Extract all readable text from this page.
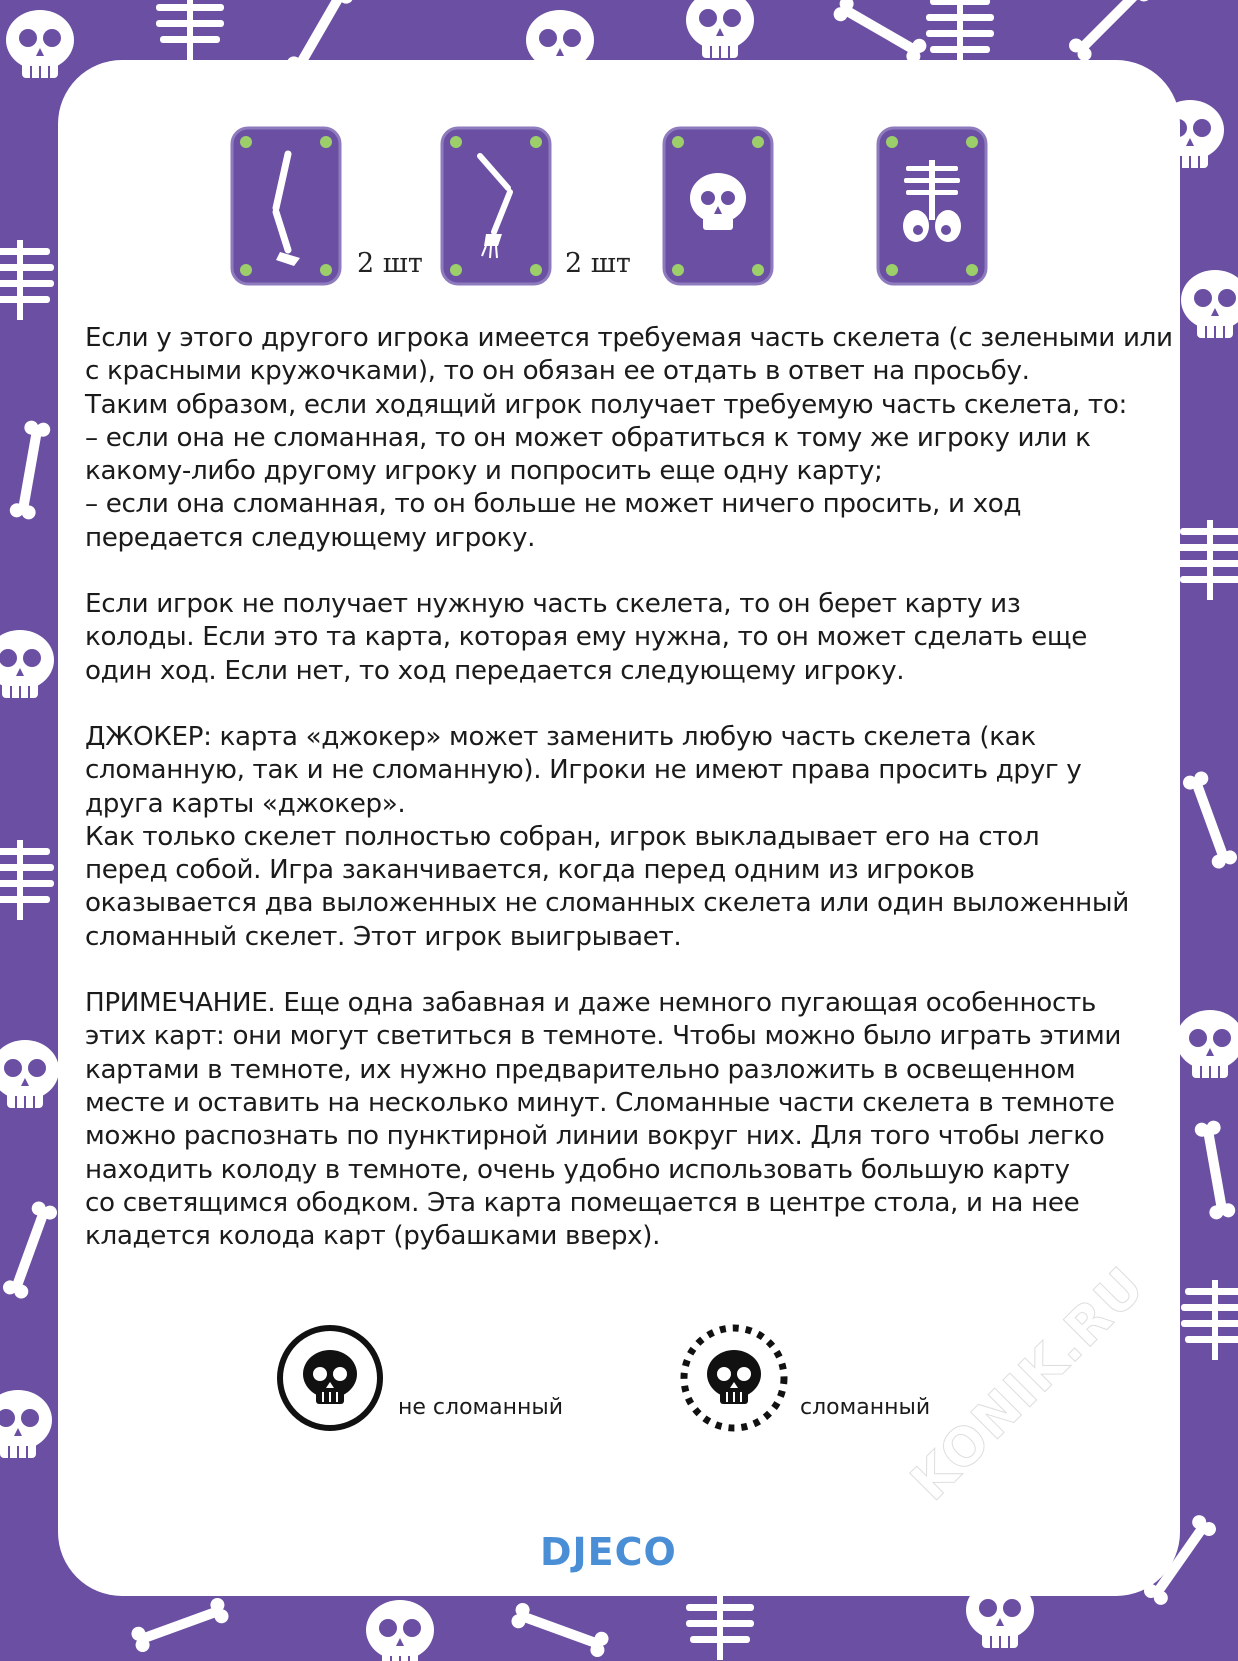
2 шт	2 шт

Если у этого другого игрока имеется требуемая часть скелета (с зелеными или
с красными кружочками), то он обязан ее отдать в ответ на просьбу.
Таким образом, если ходящий игрок получает требуемую часть скелета, то:
– если она не сломанная, то он может обратиться к тому же игроку или к
какому-либо другому игроку и попросить еще одну карту;
– если она сломанная, то он больше не может ничего просить, и ход
передается следующему игроку.

Если игрок не получает нужную часть скелета, то он берет карту из
колоды. Если это та карта, которая ему нужна, то он может сделать еще
один ход. Если нет, то ход передается следующему игроку.

ДЖОКЕР: карта «джокер» может заменить любую часть скелета (как
сломанную, так и не сломанную). Игроки не имеют права просить друг у
друга карты «джокер».
Как только скелет полностью собран, игрок выкладывает его на стол
перед собой. Игра заканчивается, когда перед одним из игроков
оказывается два выложенных не сломанных скелета или один выложенный
сломанный скелет. Этот игрок выигрывает.

ПРИМЕЧАНИЕ. Еще одна забавная и даже немного пугающая особенность
этих карт: они могут светиться в темноте. Чтобы можно было играть этими
картами в темноте, их нужно предварительно разложить в освещенном
месте и оставить на несколько минут. Сломанные части скелета в темноте
можно распознать по пунктирной линии вокруг них. Для того чтобы легко
находить колоду в темноте, очень удобно использовать большую карту
со светящимся ободком. Эта карта помещается в центре стола, и на нее
кладется колода карт (рубашками вверх).

не сломанный	сломанный
DJECO
KONIK.RU
